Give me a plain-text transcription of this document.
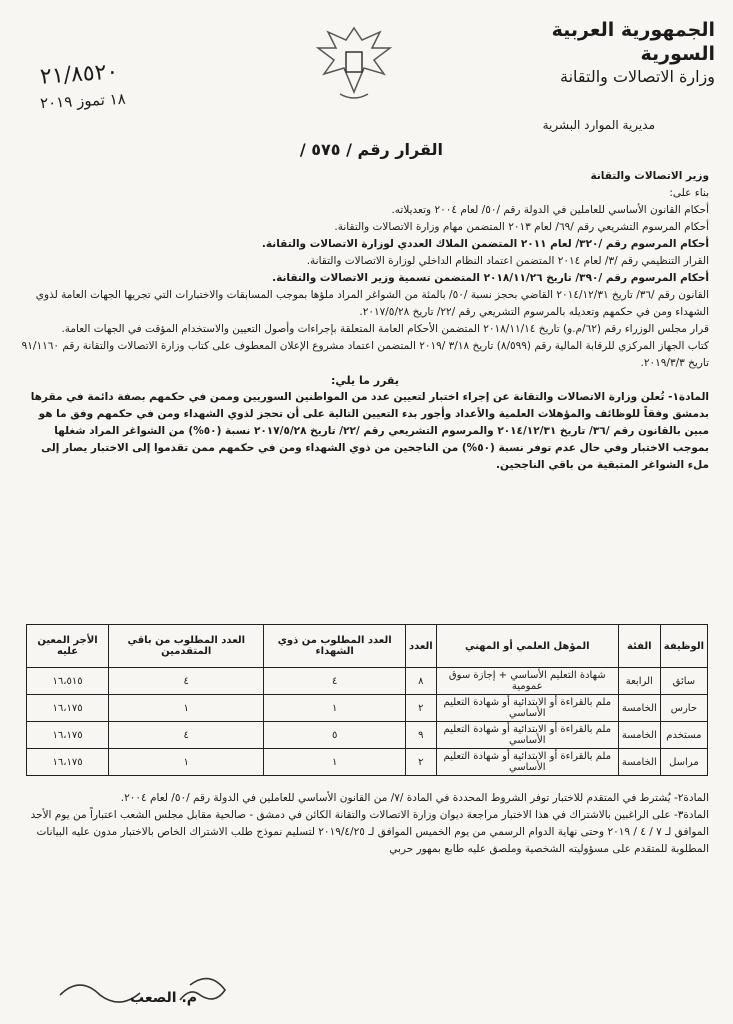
الجمهورية العربية السورية
وزارة الاتصالات والتقانة
مديرية الموارد البشرية
٢١/٨٥٢٠
١٨ تموز ٢٠١٩
القرار رقم / ٥٧٥ /

وزير الاتصالات والتقانة

بناء على:

أحكام القانون الأساسي للعاملين في الدولة رقم /٥٠/ لعام ٢٠٠٤ وتعديلاته.

أحكام المرسوم التشريعي رقم /٦٩/ لعام ٢٠١٣ المتضمن مهام وزارة الاتصالات والتقانة.

أحكام المرسوم رقم /٣٢٠/ لعام ٢٠١١ المتضمن الملاك العددي لوزارة الاتصالات والتقانة.

القرار التنظيمي رقم /٣/ لعام ٢٠١٤ المتضمن اعتماد النظام الداخلي لوزارة الاتصالات والتقانة.

أحكام المرسوم رقم /٣٩٠/ تاريخ ٢٠١٨/١١/٢٦ المتضمن تسمية وزير الاتصالات والتقانة.

القانون رقم /٣٦/ تاريخ ٢٠١٤/١٢/٣١ القاضي بحجز نسبة /٥٠/ بالمئة من الشواغر المراد ملؤها بموجب المسابقات والاختبارات التي تجريها الجهات العامة لذوي الشهداء ومن في حكمهم وتعديله بالمرسوم التشريعي رقم /٢٢/ تاريخ ٢٠١٧/٥/٢٨.

قرار مجلس الوزراء رقم (٦٢/م.و) تاريخ ٢٠١٨/١١/١٤ المتضمن الأحكام العامة المتعلقة بإجراءات وأصول التعيين والاستخدام المؤقت في الجهات العامة.

كتاب الجهاز المركزي للرقابة المالية رقم (٨/٥٩٩) تاريخ ٣/١٨ /٢٠١٩ المتضمن اعتماد مشروع الإعلان المعطوف على كتاب وزارة الاتصالات والتقانة رقم ٩١/١١٦٠ تاريخ ٢٠١٩/٣/٣.

يقرر ما يلي:

المادة١- تُعلن وزارة الاتصالات والتقانة عن إجراء اختبار لتعيين عدد من المواطنين السوريين وممن في حكمهم بصفة دائمة في مقرها بدمشق وفقاً للوظائف والمؤهلات العلمية والأعداد وأجور بدء التعيين التالية على أن تحجز لذوي الشهداء ومن في حكمهم وفق ما هو مبين بالقانون رقم /٣٦/ تاريخ ٢٠١٤/١٢/٣١ والمرسوم التشريعي رقم /٢٢/ تاريخ ٢٠١٧/٥/٢٨ نسبة (٥٠%) من الشواغر المراد شغلها بموجب الاختبار وفي حال عدم توفر نسبة (٥٠%) من الناجحين من ذوي الشهداء ومن في حكمهم ممن تقدموا إلى الاختبار يصار إلى ملء الشواغر المتبقية من باقي الناجحين.

الوظيفة	الفئة	المؤهل العلمي أو المهني	العدد	العدد المطلوب من ذوي الشهداء	العدد المطلوب من باقي المتقدمين	الأجر المعين عليه
سائق	الرابعة	شهادة التعليم الأساسي + إجازة سوق عمومية	٨	٤	٤	١٦،٥١٥
حارس	الخامسة	ملم بالقراءة أو الابتدائية أو شهادة التعليم الأساسي	٢	١	١	١٦،١٧٥
مستخدم	الخامسة	ملم بالقراءة أو الابتدائية أو شهادة التعليم الأساسي	٩	٥	٤	١٦،١٧٥
مراسل	الخامسة	ملم بالقراءة أو الابتدائية أو شهادة التعليم الأساسي	٢	١	١	١٦،١٧٥

المادة٢- يُشترط في المتقدم للاختبار توفر الشروط المحددة في المادة /٧/ من القانون الأساسي للعاملين في الدولة رقم /٥٠/ لعام ٢٠٠٤.

المادة٣- على الراغبين بالاشتراك في هذا الاختبار مراجعة ديوان وزارة الاتصالات والتقانة الكائن في دمشق - صالحية مقابل مجلس الشعب اعتباراً من يوم الأحد الموافق لـ ٧ / ٤ / ٢٠١٩ وحتى نهاية الدوام الرسمي من يوم الخميس الموافق لـ ٢٠١٩/٤/٢٥ لتسليم نموذج طلب الاشتراك الخاص بالاختبار مدون عليه البيانات المطلوبة للمتقدم على مسؤوليته الشخصية وملصق عليه طابع بمهور حربي

م. الصعب
